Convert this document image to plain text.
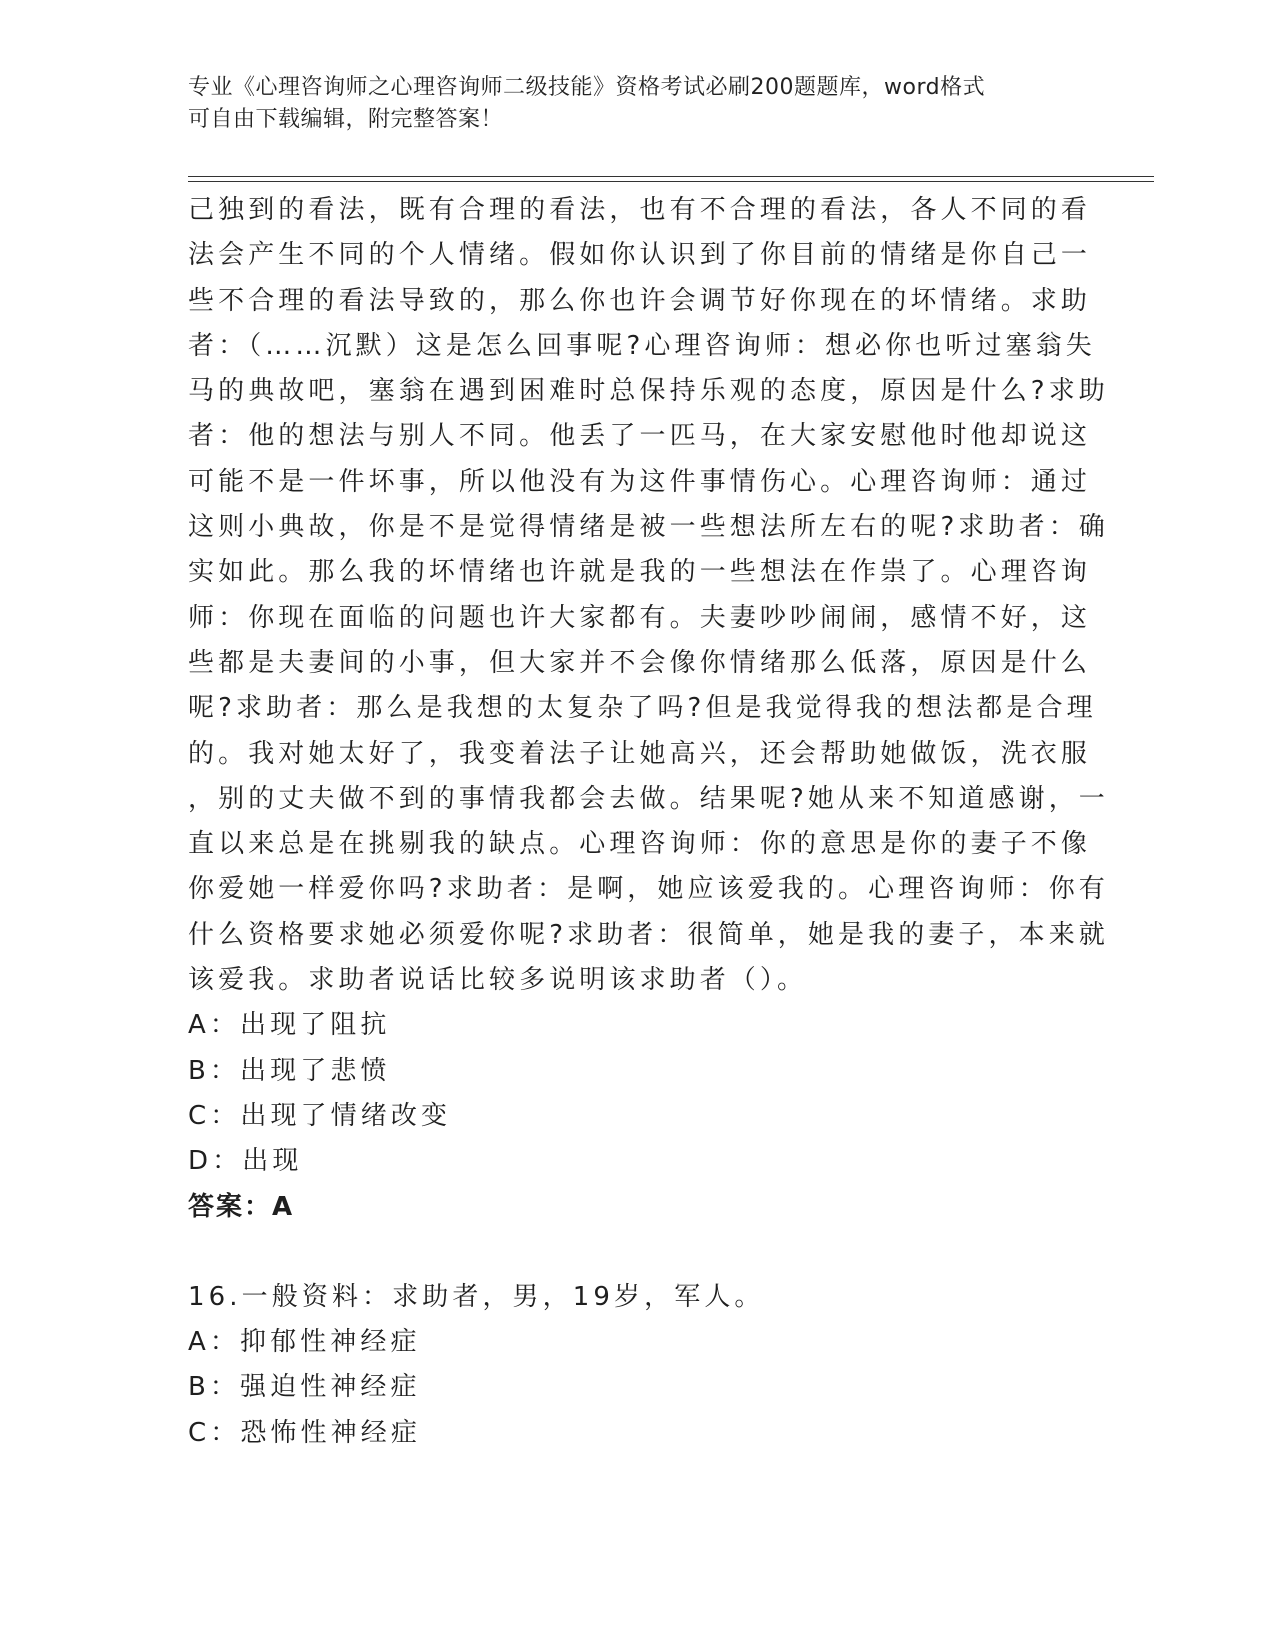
专业《心理咨询师之心理咨询师二级技能》资格考试必刷200题题库，word格式
可自由下载编辑，附完整答案！
己独到的看法，既有合理的看法，也有不合理的看法，各人不同的看
法会产生不同的个人情绪。假如你认识到了你目前的情绪是你自己一
些不合理的看法导致的，那么你也许会调节好你现在的坏情绪。求助
者：（……沉默）这是怎么回事呢?心理咨询师：想必你也听过塞翁失
马的典故吧，塞翁在遇到困难时总保持乐观的态度，原因是什么?求助
者：他的想法与别人不同。他丢了一匹马，在大家安慰他时他却说这
可能不是一件坏事，所以他没有为这件事情伤心。心理咨询师：通过
这则小典故，你是不是觉得情绪是被一些想法所左右的呢?求助者：确
实如此。那么我的坏情绪也许就是我的一些想法在作祟了。心理咨询
师：你现在面临的问题也许大家都有。夫妻吵吵闹闹，感情不好，这
些都是夫妻间的小事，但大家并不会像你情绪那么低落，原因是什么
呢?求助者：那么是我想的太复杂了吗?但是我觉得我的想法都是合理
的。我对她太好了，我变着法子让她高兴，还会帮助她做饭，洗衣服
，别的丈夫做不到的事情我都会去做。结果呢?她从来不知道感谢，一
直以来总是在挑剔我的缺点。心理咨询师：你的意思是你的妻子不像
你爱她一样爱你吗?求助者：是啊，她应该爱我的。心理咨询师：你有
什么资格要求她必须爱你呢?求助者：很简单，她是我的妻子，本来就
该爱我。求助者说话比较多说明该求助者（）。
A：出现了阻抗
B：出现了悲愤
C：出现了情绪改变
D：出现
答案：A
16.一般资料：求助者，男，19岁，军人。
A：抑郁性神经症
B：强迫性神经症
C：恐怖性神经症
